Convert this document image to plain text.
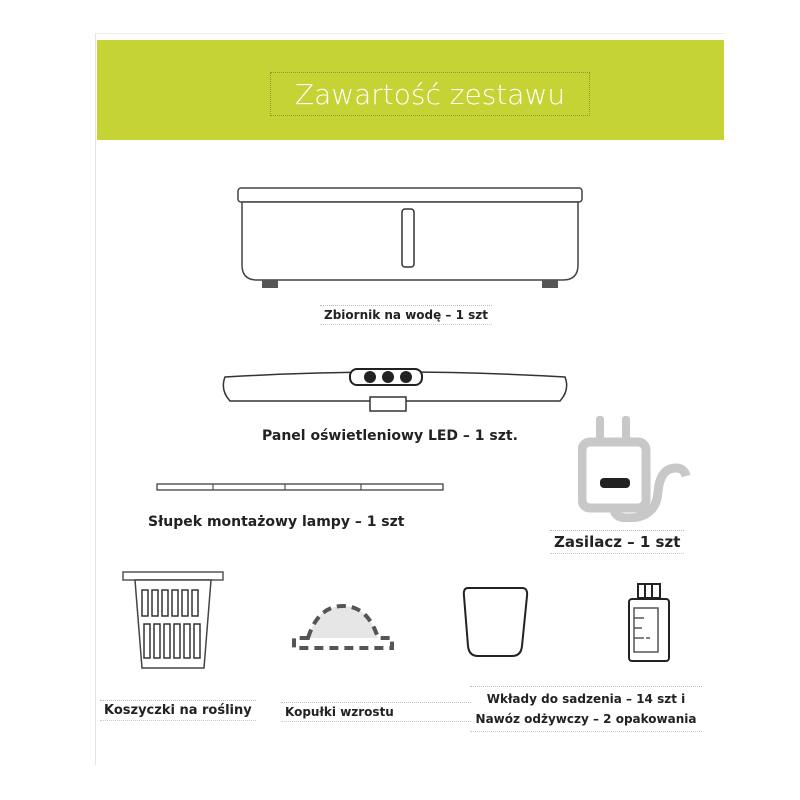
Zawartość zestawu
Zbiornik na wodę – 1 szt
Panel oświetleniowy LED – 1 szt.
Słupek montażowy lampy – 1 szt
Zasilacz – 1 szt
Koszyczki na rośliny	Kopułki wzrostu
Wkłady do sadzenia – 14 szt i
Nawóz odżywczy – 2 opakowania
